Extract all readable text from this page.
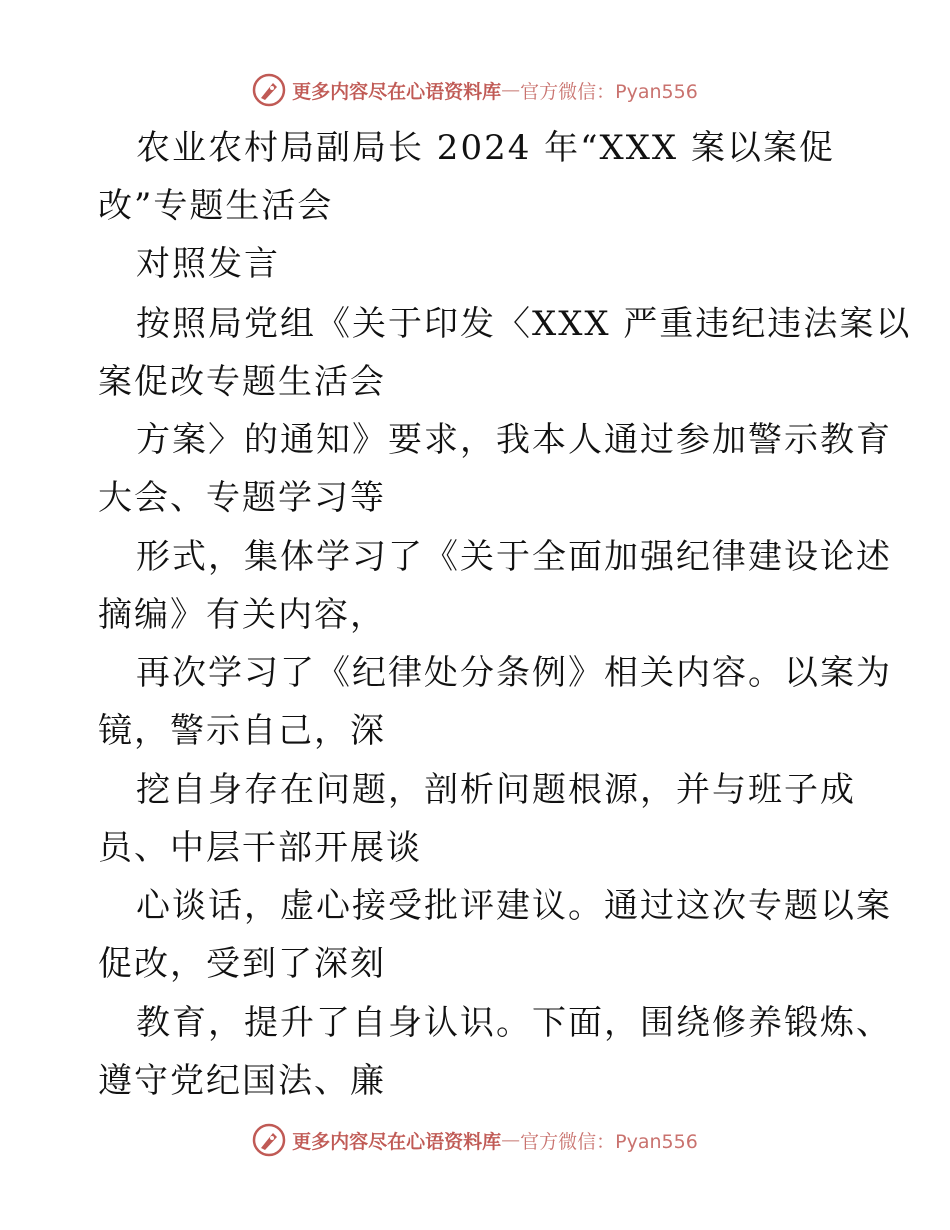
更多内容尽在心语资料库 — 官方微信：Pyan556
农业农村局副局长 2024 年“XXX 案以案促
改”专题生活会
对照发言
按照局党组《关于印发〈XXX 严重违纪违法案以
案促改专题生活会
方案〉的通知》要求，我本人通过参加警示教育
大会、专题学习等
形式，集体学习了《关于全面加强纪律建设论述
摘编》有关内容，
再次学习了《纪律处分条例》相关内容。以案为
镜，警示自己，深
挖自身存在问题，剖析问题根源，并与班子成
员、中层干部开展谈
心谈话，虚心接受批评建议。通过这次专题以案
促改，受到了深刻
教育，提升了自身认识。下面，围绕修养锻炼、
遵守党纪国法、廉
更多内容尽在心语资料库 — 官方微信：Pyan556
